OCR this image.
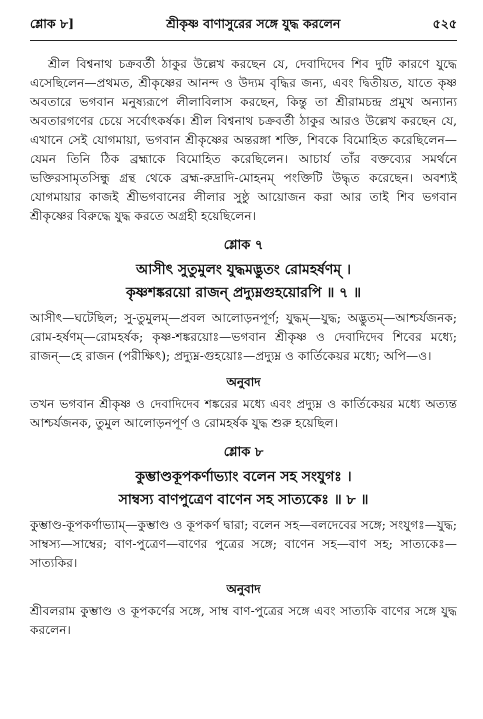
শ্লোক ৮]	শ্রীকৃষ্ণ বাণাসুরের সঙ্গে যুদ্ধ করলেন	৫২৫

শ্রীল বিশ্বনাথ চক্রবর্তী ঠাকুর উল্লেখ করছেন যে, দেবাদিদেব শিব দুটি কারণে যুদ্ধে এসেছিলেন—প্রথমত, শ্রীকৃষ্ণের আনন্দ ও উদ্যম বৃদ্ধির জন্য, এবং দ্বিতীয়ত, যাতে কৃষ্ণ অবতারে ভগবান মনুষ্যরূপে লীলাবিলাস করছেন, কিন্তু তা শ্রীরামচন্দ্র প্রমুখ অন্যান্য অবতারগণের চেয়ে সর্বোৎকর্ষক। শ্রীল বিশ্বনাথ চক্রবর্তী ঠাকুর আরও উল্লেখ করছেন যে, এখানে সেই যোগমায়া, ভগবান শ্রীকৃষ্ণের অন্তরঙ্গা শক্তি, শিবকে বিমোহিত করেছিলেন—যেমন তিনি ঠিক ব্রহ্মাকে বিমোহিত করেছিলেন। আচার্য তাঁর বক্তব্যের সমর্থনে ভক্তিরসামৃতসিন্ধু গ্রন্থ থেকে ব্রহ্ম-রুদ্রাদি-মোহনম্ পংক্তিটি উদ্ধৃত করেছেন। অবশ্যই যোগমায়ার কাজই শ্রীভগবানের লীলার সুষ্ঠু আয়োজন করা আর তাই শিব ভগবান শ্রীকৃষ্ণের বিরুদ্ধে যুদ্ধ করতে অগ্রহী হয়েছিলেন।

শ্লোক ৭

আসীৎ সুতুমুলং যুদ্ধমদ্ভুতং রোমহর্ষণম্ ।

কৃষ্ণশঙ্করয়ো রাজন্ প্রদ্যুম্নগুহয়োরপি ॥ ৭ ॥

আসীৎ—ঘটেছিল; সু-তুমুলম্—প্রবল আলোড়নপূর্ণ; যুদ্ধম্—যুদ্ধ; অদ্ভুতম্—আশ্চর্যজনক; রোম-হর্ষণম্—রোমহর্ষক; কৃষ্ণ-শঙ্করয়োঃ—ভগবান শ্রীকৃষ্ণ ও দেবাদিদেব শিবের মধ্যে; রাজন্—হে রাজন (পরীক্ষিৎ); প্রদ্যুম্ন-গুহয়োঃ—প্রদ্যুম্ন ও কার্তিকেয়র মধ্যে; অপি—ও।

অনুবাদ

তখন ভগবান শ্রীকৃষ্ণ ও দেবাদিদেব শঙ্করের মধ্যে এবং প্রদ্যুম্ন ও কার্তিকেয়র মধ্যে অত্যন্ত আশ্চর্যজনক, তুমুল আলোড়নপূর্ণ ও রোমহর্ষক যুদ্ধ শুরু হয়েছিল।

শ্লোক ৮

কুম্ভাণ্ডকূপকর্ণাভ্যাং বলেন সহ সংযুগঃ ।

সাম্বস্য বাণপুত্রেণ বাণেন সহ সাত্যকেঃ ॥ ৮ ॥

কুম্ভাণ্ড-কূপকর্ণাভ্যাম্—কুম্ভাণ্ড ও কূপকর্ণ দ্বারা; বলেন সহ—বলদেবের সঙ্গে; সংযুগঃ—যুদ্ধ; সাম্বস্য—সাম্বের; বাণ-পুত্রেণ—বাণের পুত্রের সঙ্গে; বাণেন সহ—বাণ সহ; সাত্যকেঃ—সাত্যকির।

অনুবাদ

শ্রীবলরাম কুম্ভাণ্ড ও কূপকর্ণের সঙ্গে, সাম্ব বাণ-পুত্রের সঙ্গে এবং সাত্যকি বাণের সঙ্গে যুদ্ধ করলেন।
